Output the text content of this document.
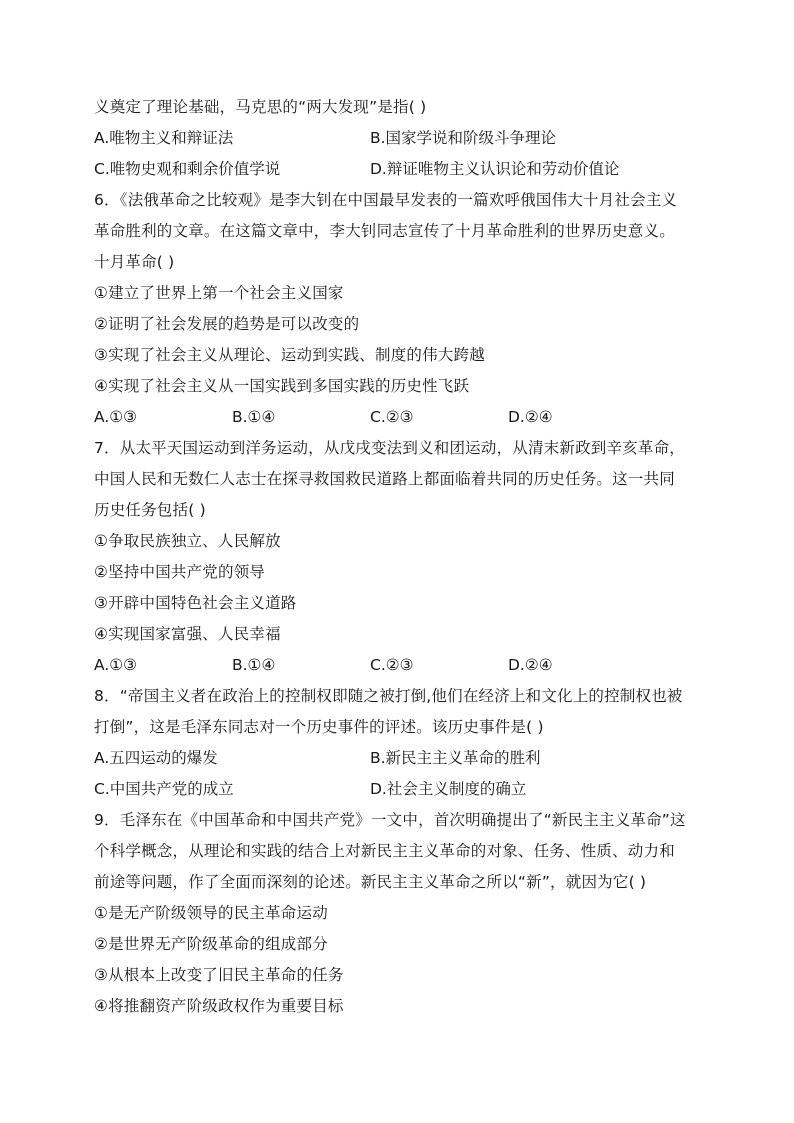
义奠定了理论基础，马克思的“两大发现”是指( )
A.唯物主义和辩证法	B.国家学说和阶级斗争理论
C.唯物史观和剩余价值学说	D.辩证唯物主义认识论和劳动价值论
6．《法俄革命之比较观》是李大钊在中国最早发表的一篇欢呼俄国伟大十月社会主义
革命胜利的文章。在这篇文章中，李大钊同志宣传了十月革命胜利的世界历史意义。
十月革命( )
①建立了世界上第一个社会主义国家
②证明了社会发展的趋势是可以改变的
③实现了社会主义从理论、运动到实践、制度的伟大跨越
④实现了社会主义从一国实践到多国实践的历史性飞跃
A.①③	B.①④	C.②③	D.②④
7．从太平天国运动到洋务运动，从戊戌变法到义和团运动，从清末新政到辛亥革命，
中国人民和无数仁人志士在探寻救国救民道路上都面临着共同的历史任务。这一共同
历史任务包括( )
①争取民族独立、人民解放
②坚持中国共产党的领导
③开辟中国特色社会主义道路
④实现国家富强、人民幸福
A.①③	B.①④	C.②③	D.②④
8．“帝国主义者在政治上的控制权即随之被打倒,他们在经济上和文化上的控制权也被
打倒”，这是毛泽东同志对一个历史事件的评述。该历史事件是( )
A.五四运动的爆发	B.新民主主义革命的胜利
C.中国共产党的成立	D.社会主义制度的确立
9．毛泽东在《中国革命和中国共产党》一文中，首次明确提出了“新民主主义革命”这
个科学概念，从理论和实践的结合上对新民主主义革命的对象、任务、性质、动力和
前途等问题，作了全面而深刻的论述。新民主主义革命之所以“新”，就因为它( )
①是无产阶级领导的民主革命运动
②是世界无产阶级革命的组成部分
③从根本上改变了旧民主革命的任务
④将推翻资产阶级政权作为重要目标
